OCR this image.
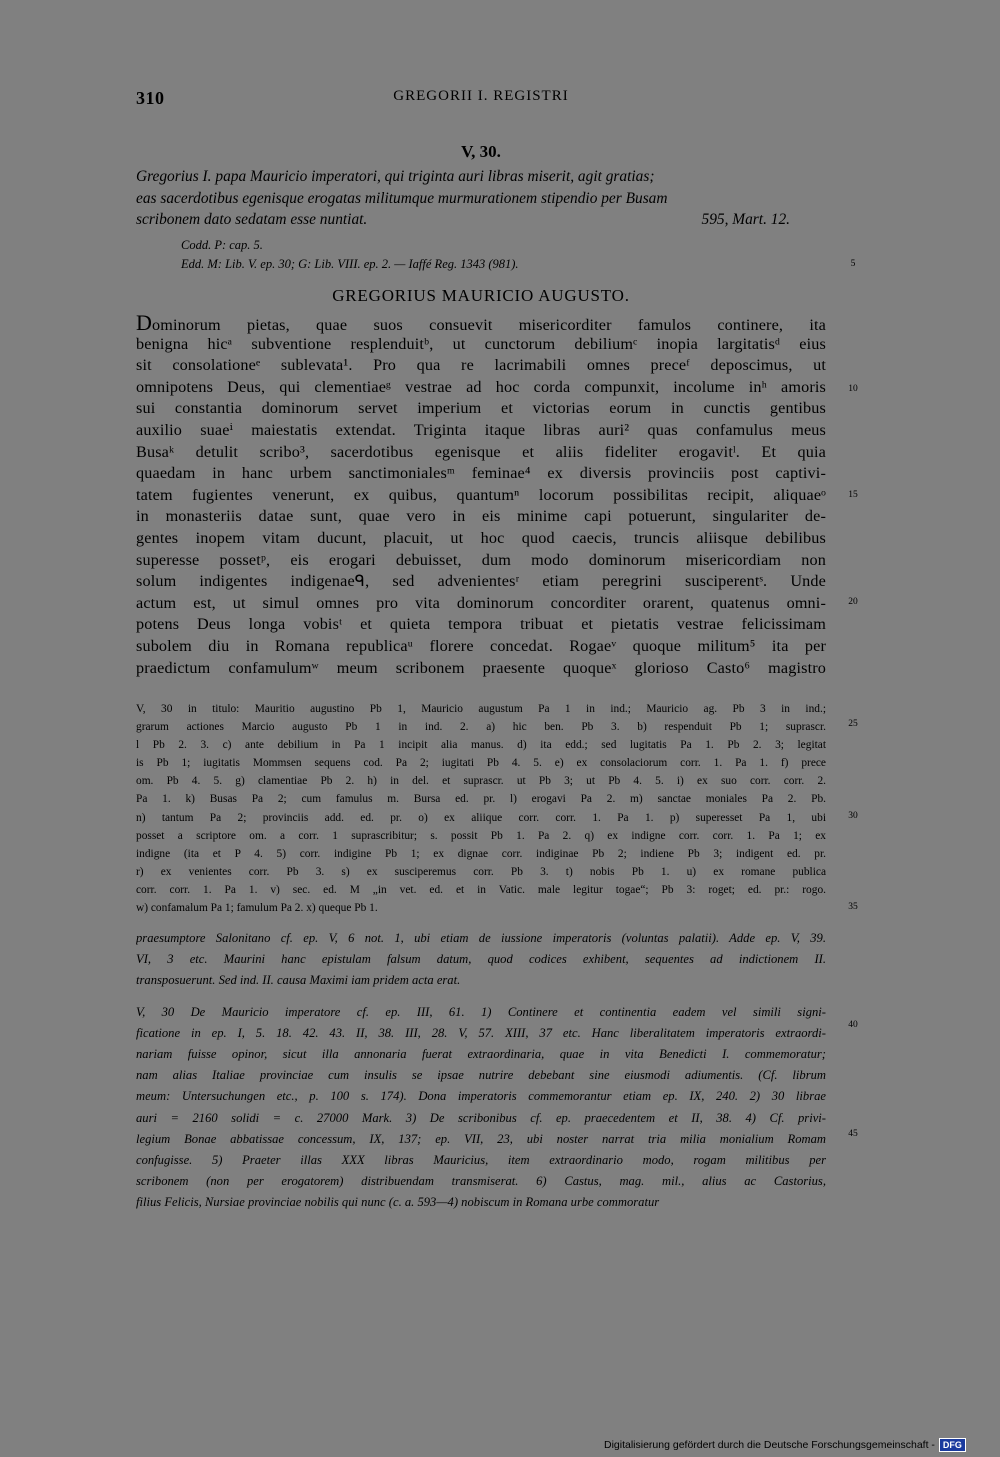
310	GREGORII I. REGISTRI
V, 30.
Gregorius I. papa Mauricio imperatori, qui triginta auri libras miserit, agit gratias;
eas sacerdotibus egenisque erogatas militumque murmurationem stipendio per Busam
scribonem dato sedatam esse nuntiat.	595, Mart. 12.
Codd. P: cap. 5.
Edd. M: Lib. V. ep. 30; G: Lib. VIII. ep. 2. — Iaffé Reg. 1343 (981).
GREGORIUS MAURICIO AUGUSTO.
Dominorum pietas, quae suos consuevit misericorditer famulos continere, ita
benigna hicᵃ subventione resplenduitᵇ, ut cunctorum debiliumᶜ inopia largitatisᵈ eius
sit consolationeᵉ sublevata¹. Pro qua re lacrimabili omnes preceᶠ deposcimus, ut
omnipotens Deus, qui clementiaeᵍ vestrae ad hoc corda compunxit, incolume inʰ amoris
sui constantia dominorum servet imperium et victorias eorum in cunctis gentibus
auxilio suaeⁱ maiestatis extendat. Triginta itaque libras auri² quas confamulus meus
Busaᵏ detulit scribo³, sacerdotibus egenisque et aliis fideliter erogavitˡ. Et quia
quaedam in hanc urbem sanctimonialesᵐ feminae⁴ ex diversis provinciis post captivi-
tatem fugientes venerunt, ex quibus, quantumⁿ locorum possibilitas recipit, aliquaeᵒ
in monasteriis datae sunt, quae vero in eis minime capi potuerunt, singulariter de-
gentes inopem vitam ducunt, placuit, ut hoc quod caecis, truncis aliisque debilibus
superesse possetᵖ, eis erogari debuisset, dum modo dominorum misericordiam non
solum indigentes indigenaeᑫ, sed advenientesʳ etiam peregrini susciperentˢ. Unde
actum est, ut simul omnes pro vita dominorum concorditer orarent, quatenus omni-
potens Deus longa vobisᵗ et quieta tempora tribuat et pietatis vestrae felicissimam
subolem diu in Romana republicaᵘ florere concedat. Rogaeᵛ quoque militum⁵ ita per
praedictum confamulumʷ meum scribonem praesente quoqueˣ glorioso Casto⁶ magistro
V, 30 in titulo: Mauritio augustino Pb 1, Mauricio augustum Pa 1 in ind.; Mauricio ag. Pb 3 in ind.;
grarum actiones Marcio augusto Pb 1 in ind. 2. a) hic ben. Pb 3. b) respenduit Pb 1; suprascr.
l Pb 2. 3. c) ante debilium in Pa 1 incipit alia manus. d) ita edd.; sed lugitatis Pa 1. Pb 2. 3; legitat
is Pb 1; iugitatis Mommsen sequens cod. Pa 2; iugitati Pb 4. 5. e) ex consolaciorum corr. 1. Pa 1. f) prece
om. Pb 4. 5. g) clamentiae Pb 2. h) in del. et suprascr. ut Pb 3; ut Pb 4. 5. i) ex suo corr. corr. 2.
Pa 1. k) Busas Pa 2; cum famulus m. Bursa ed. pr. l) erogavi Pa 2. m) sanctae moniales Pa 2. Pb.
n) tantum Pa 2; provinciis add. ed. pr. o) ex aliique corr. corr. 1. Pa 1. p) superesset Pa 1, ubi
posset a scriptore om. a corr. 1 suprascribitur; s. possit Pb 1. Pa 2. q) ex indigne corr. corr. 1. Pa 1; ex
indigne (ita et P 4. 5) corr. indigine Pb 1; ex dignae corr. indiginae Pb 2; indiene Pb 3; indigent ed. pr.
r) ex venientes corr. Pb 3. s) ex susciperemus corr. Pb 3. t) nobis Pb 1. u) ex romane publica
corr. corr. 1. Pa 1. v) sec. ed. M „in vet. ed. et in Vatic. male legitur togae“; Pb 3: roget; ed. pr.: rogo.
w) confamalum Pa 1; famulum Pa 2. x) queque Pb 1.
praesumptore Salonitano cf. ep. V, 6 not. 1, ubi etiam de iussione imperatoris (voluntas palatii). Adde ep. V, 39.
VI, 3 etc. Maurini hanc epistulam falsum datum, quod codices exhibent, sequentes ad indictionem II.
transposuerunt. Sed ind. II. causa Maximi iam pridem acta erat.
V, 30 De Mauricio imperatore cf. ep. III, 61. 1) Continere et continentia eadem vel simili signi-
ficatione in ep. I, 5. 18. 42. 43. II, 38. III, 28. V, 57. XIII, 37 etc. Hanc liberalitatem imperatoris extraordi-
nariam fuisse opinor, sicut illa annonaria fuerat extraordinaria, quae in vita Benedicti I. commemoratur;
nam alias Italiae provinciae cum insulis se ipsae nutrire debebant sine eiusmodi adiumentis. (Cf. librum
meum: Untersuchungen etc., p. 100 s. 174). Dona imperatoris commemorantur etiam ep. IX, 240. 2) 30 librae
auri = 2160 solidi = c. 27000 Mark. 3) De scribonibus cf. ep. praecedentem et II, 38. 4) Cf. privi-
legium Bonae abbatissae concessum, IX, 137; ep. VII, 23, ubi noster narrat tria milia monialium Romam
confugisse. 5) Praeter illas XXX libras Mauricius, item extraordinario modo, rogam militibus per
scribonem (non per erogatorem) distribuendam transmiserat. 6) Castus, mag. mil., alius ac Castorius,
filius Felicis, Nursiae provinciae nobilis qui nunc (c. a. 593—4) nobiscum in Romana urbe commoratur
5
10
15
20
25
30
35
40
45
Digitalisierung gefördert durch die Deutsche Forschungsgemeinschaft - DFG
